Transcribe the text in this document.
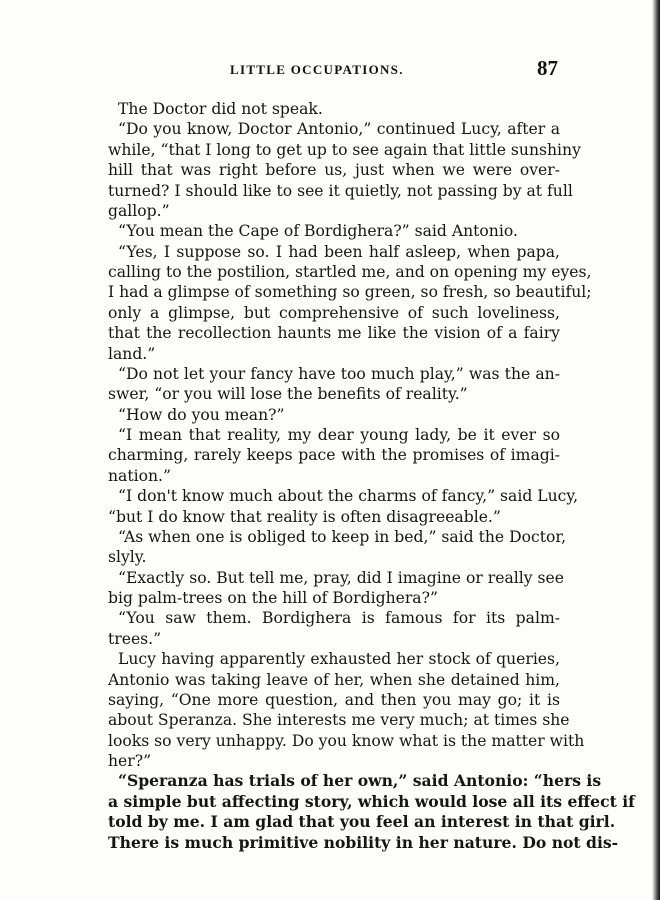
LITTLE OCCUPATIONS.	87
The Doctor did not speak.
“Do you know, Doctor Antonio,” continued Lucy, after a
while, “that I long to get up to see again that little sunshiny
hill that was right before us, just when we were over-
turned? I should like to see it quietly, not passing by at full
gallop.”
“You mean the Cape of Bordighera?” said Antonio.
“Yes, I suppose so. I had been half asleep, when papa,
calling to the postilion, startled me, and on opening my eyes,
I had a glimpse of something so green, so fresh, so beautiful;
only a glimpse, but comprehensive of such loveliness,
that the recollection haunts me like the vision of a fairy
land.”
“Do not let your fancy have too much play,” was the an-
swer, “or you will lose the benefits of reality.”
“How do you mean?”
“I mean that reality, my dear young lady, be it ever so
charming, rarely keeps pace with the promises of imagi-
nation.”
“I don't know much about the charms of fancy,” said Lucy,
“but I do know that reality is often disagreeable.”
“As when one is obliged to keep in bed,” said the Doctor,
slyly.
“Exactly so. But tell me, pray, did I imagine or really see
big palm-trees on the hill of Bordighera?”
“You saw them. Bordighera is famous for its palm-
trees.”
Lucy having apparently exhausted her stock of queries,
Antonio was taking leave of her, when she detained him,
saying, “One more question, and then you may go; it is
about Speranza. She interests me very much; at times she
looks so very unhappy. Do you know what is the matter with
her?”
“Speranza has trials of her own,” said Antonio: “hers is
a simple but affecting story, which would lose all its effect if
told by me. I am glad that you feel an interest in that girl.
There is much primitive nobility in her nature. Do not dis-
